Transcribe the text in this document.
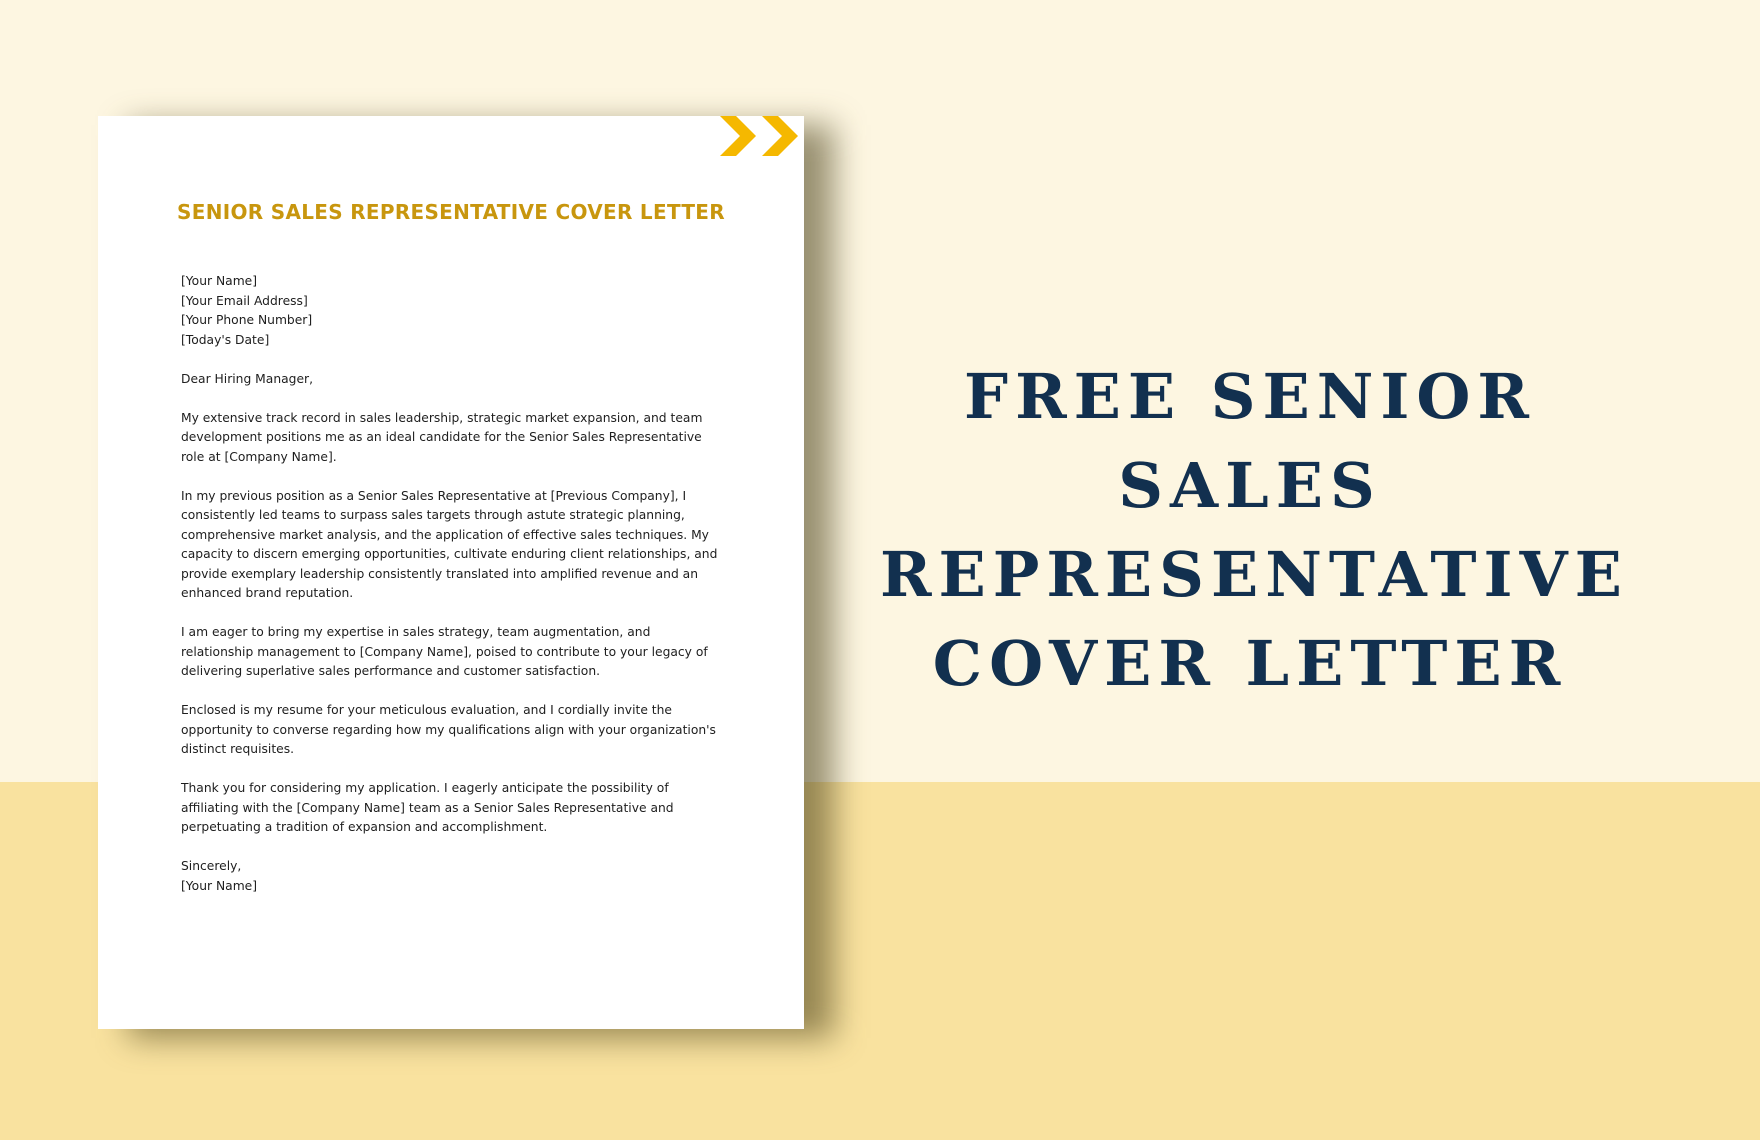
SENIOR SALES REPRESENTATIVE COVER LETTER

[Your Name]
[Your Email Address]
[Your Phone Number]
[Today's Date]

Dear Hiring Manager,

My extensive track record in sales leadership, strategic market expansion, and team development positions me as an ideal candidate for the Senior Sales Representative role at [Company Name].

In my previous position as a Senior Sales Representative at [Previous Company], I consistently led teams to surpass sales targets through astute strategic planning, comprehensive market analysis, and the application of effective sales techniques. My capacity to discern emerging opportunities, cultivate enduring client relationships, and provide exemplary leadership consistently translated into amplified revenue and an enhanced brand reputation.

I am eager to bring my expertise in sales strategy, team augmentation, and relationship management to [Company Name], poised to contribute to your legacy of delivering superlative sales performance and customer satisfaction.

Enclosed is my resume for your meticulous evaluation, and I cordially invite the opportunity to converse regarding how my qualifications align with your organization's distinct requisites.

Thank you for considering my application. I eagerly anticipate the possibility of affiliating with the [Company Name] team as a Senior Sales Representative and perpetuating a tradition of expansion and accomplishment.

Sincerely,
[Your Name]

FREE SENIOR
SALES
REPRESENTATIVE
COVER LETTER
